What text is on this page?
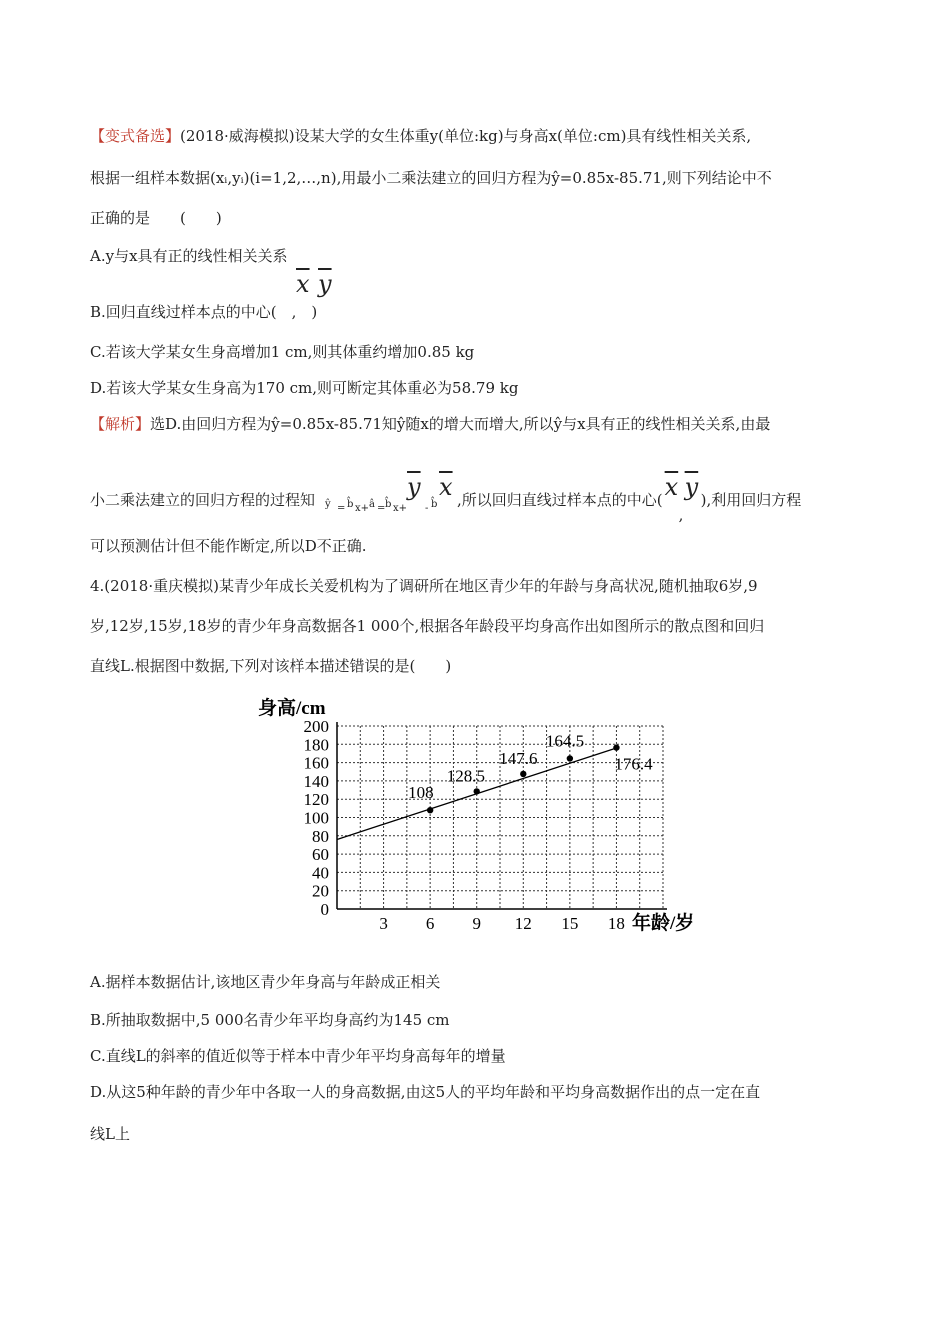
【变式备选】(2018·威海模拟)设某大学的女生体重y(单位:kg)与身高x(单位:cm)具有线性相关关系,
根据一组样本数据(xᵢ,yᵢ)(i=1,2,…,n),用最小二乘法建立的回归方程为ŷ=0.85x-85.71,则下列结论中不
正确的是　　(　　)
A.y与x具有正的线性相关关系
B.回归直线过样本点的中心(　,　)
$\overline{x}$ $\overline{y}$
C.若该大学某女生身高增加1 cm,则其体重约增加0.85 kg
D.若该大学某女生身高为170 cm,则可断定其体重必为58.79 kg
【解析】选D.由回归方程为ŷ=0.85x-85.71知ŷ随x的增大而增大,所以ŷ与x具有正的线性相关关系,由最
小二乘法建立的回归方程的过程知 ŷ = b̂ x+ â = b̂ x+
$\overline{y}$
- b̂
$\overline{x}$ ,所以回归直线过样本点的中心( $\overline{x}$
,
$\overline{y}$ ),利用回归方程
可以预测估计但不能作断定,所以D不正确.
4.(2018·重庆模拟)某青少年成长关爱机构为了调研所在地区青少年的年龄与身高状况,随机抽取6岁,9
岁,12岁,15岁,18岁的青少年身高数据各1 000个,根据各年龄段平均身高作出如图所示的散点图和回归
直线L.根据图中数据,下列对该样本描述错误的是(　　)
0
20
40
60
80
100
120
140
160
180
200
3 6 9 12 15 18
108
128.5
147.6
164.5
176.4
身高/cm
年龄/岁
A.据样本数据估计,该地区青少年身高与年龄成正相关
B.所抽取数据中,5 000名青少年平均身高约为145 cm
C.直线L的斜率的值近似等于样本中青少年平均身高每年的增量
D.从这5种年龄的青少年中各取一人的身高数据,由这5人的平均年龄和平均身高数据作出的点一定在直
线L上
